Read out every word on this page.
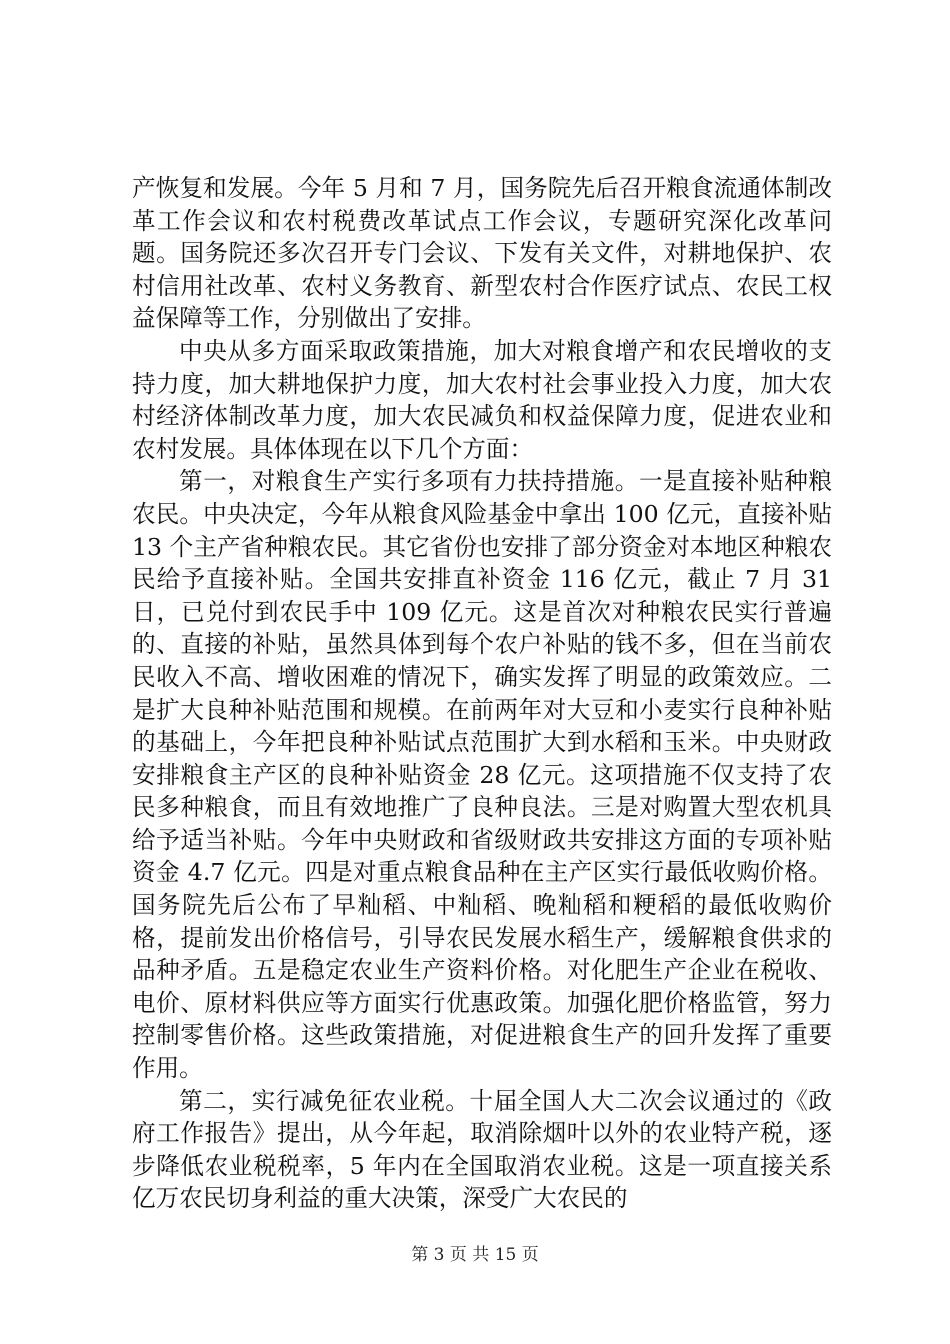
产恢复和发展。今年 5 月和 7 月，国务院先后召开粮食流通体制改革工作会议和农村税费改革试点工作会议，专题研究深化改革问题。国务院还多次召开专门会议、下发有关文件，对耕地保护、农村信用社改革、农村义务教育、新型农村合作医疗试点、农民工权益保障等工作，分别做出了安排。

中央从多方面采取政策措施，加大对粮食增产和农民增收的支持力度，加大耕地保护力度，加大农村社会事业投入力度，加大农村经济体制改革力度，加大农民减负和权益保障力度，促进农业和农村发展。具体体现在以下几个方面：

第一，对粮食生产实行多项有力扶持措施。一是直接补贴种粮农民。中央决定，今年从粮食风险基金中拿出 100 亿元，直接补贴 13 个主产省种粮农民。其它省份也安排了部分资金对本地区种粮农民给予直接补贴。全国共安排直补资金 116 亿元，截止 7 月 31 日，已兑付到农民手中 109 亿元。这是首次对种粮农民实行普遍的、直接的补贴，虽然具体到每个农户补贴的钱不多，但在当前农民收入不高、增收困难的情况下，确实发挥了明显的政策效应。二是扩大良种补贴范围和规模。在前两年对大豆和小麦实行良种补贴的基础上，今年把良种补贴试点范围扩大到水稻和玉米。中央财政安排粮食主产区的良种补贴资金 28 亿元。这项措施不仅支持了农民多种粮食，而且有效地推广了良种良法。三是对购置大型农机具给予适当补贴。今年中央财政和省级财政共安排这方面的专项补贴资金 4.7 亿元。四是对重点粮食品种在主产区实行最低收购价格。国务院先后公布了早籼稻、中籼稻、晚籼稻和粳稻的最低收购价格，提前发出价格信号，引导农民发展水稻生产，缓解粮食供求的品种矛盾。五是稳定农业生产资料价格。对化肥生产企业在税收、电价、原材料供应等方面实行优惠政策。加强化肥价格监管，努力控制零售价格。这些政策措施，对促进粮食生产的回升发挥了重要作用。

第二，实行减免征农业税。十届全国人大二次会议通过的《政府工作报告》提出，从今年起，取消除烟叶以外的农业特产税，逐步降低农业税税率，5 年内在全国取消农业税。这是一项直接关系亿万农民切身利益的重大决策，深受广大农民的

第 3 页 共 15 页
